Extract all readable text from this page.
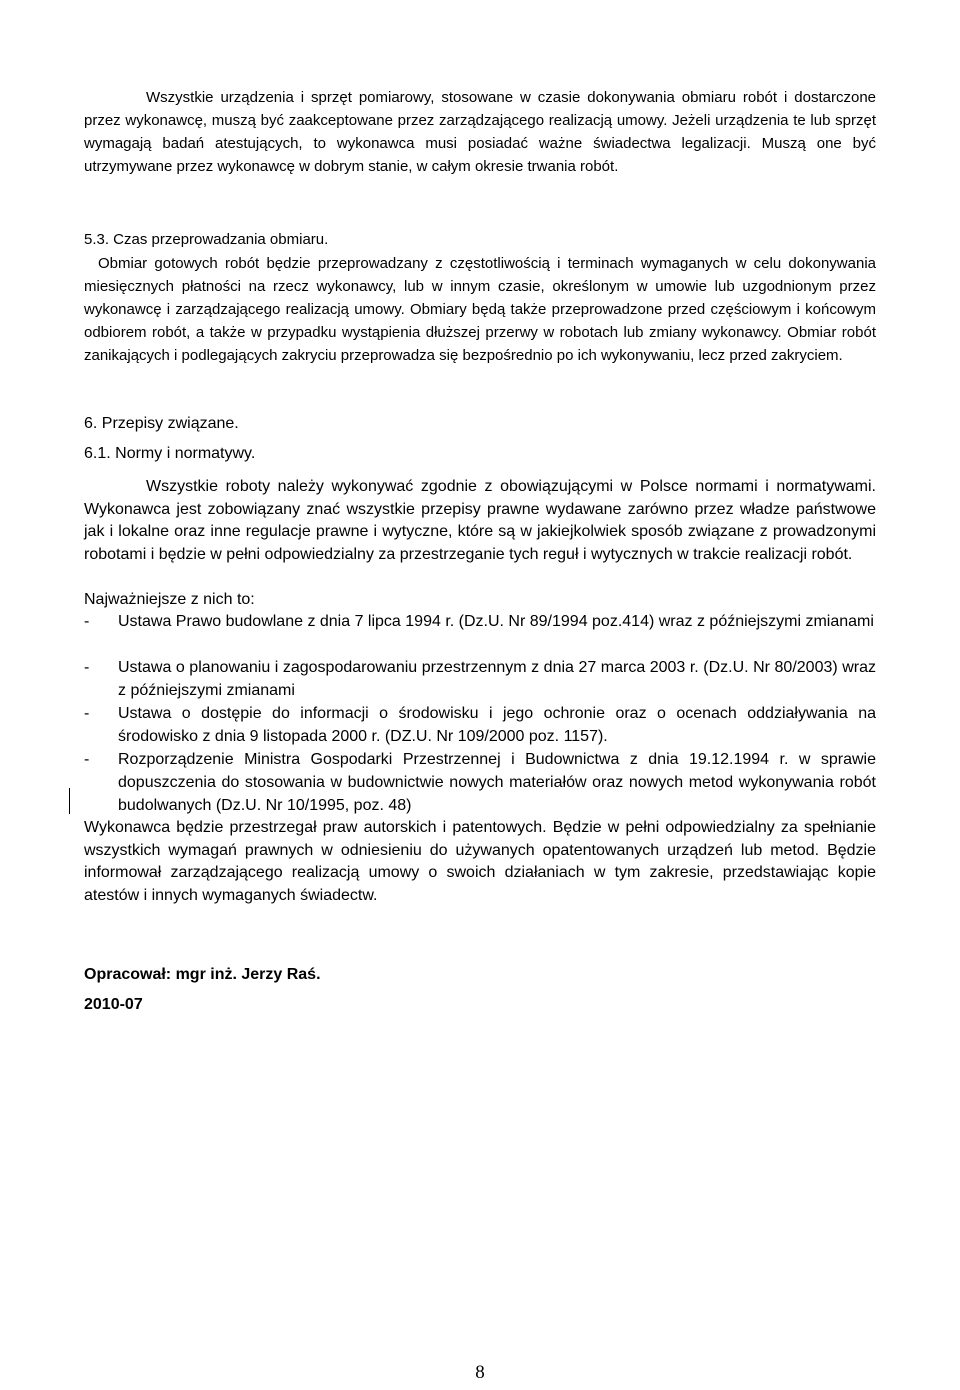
Wszystkie urządzenia i sprzęt pomiarowy, stosowane w czasie dokonywania obmiaru robót i dostarczone przez wykonawcę, muszą być zaakceptowane przez zarządzającego realizacją umowy. Jeżeli urządzenia te lub sprzęt wymagają badań atestujących, to wykonawca musi posiadać ważne świadectwa legalizacji. Muszą one być utrzymywane przez wykonawcę w dobrym stanie, w całym okresie trwania robót.

5.3. Czas przeprowadzania obmiaru.

Obmiar gotowych robót będzie przeprowadzany z częstotliwością i terminach wymaganych w celu dokonywania miesięcznych płatności na rzecz wykonawcy, lub w innym czasie, określonym w umowie lub uzgodnionym przez wykonawcę i zarządzającego realizacją umowy. Obmiary będą także przeprowadzone przed częściowym i końcowym odbiorem robót, a także w przypadku wystąpienia dłuższej przerwy w robotach lub zmiany wykonawcy. Obmiar robót zanikających i podlegających zakryciu przeprowadza się bezpośrednio po ich wykonywaniu, lecz przed zakryciem.

6. Przepisy związane.

6.1. Normy i normatywy.

Wszystkie roboty należy wykonywać zgodnie z obowiązującymi w Polsce normami i normatywami. Wykonawca jest zobowiązany znać wszystkie przepisy prawne wydawane zarówno przez władze państwowe jak i lokalne oraz inne regulacje prawne i wytyczne, które są w jakiejkolwiek sposób związane z prowadzonymi robotami i będzie w pełni odpowiedzialny za przestrzeganie tych reguł i wytycznych w trakcie realizacji robót.

Najważniejsze z nich to:

-	Ustawa Prawo budowlane z dnia 7 lipca 1994 r. (Dz.U. Nr 89/1994 poz.414) wraz z późniejszymi zmianami
- Ustawa o planowaniu i zagospodarowaniu przestrzennym z dnia 27 marca 2003 r. (Dz.U. Nr 80/2003) wraz z późniejszymi zmianami
- Ustawa o dostępie do informacji o środowisku i jego ochronie oraz o ocenach oddziaływania na środowisko z dnia 9 listopada 2000 r. (DZ.U. Nr 109/2000 poz. 1157).
- Rozporządzenie Ministra Gospodarki Przestrzennej i Budownictwa z dnia 19.12.1994 r. w sprawie dopuszczenia do stosowania w budownictwie nowych materiałów oraz nowych metod wykonywania robót budolwanych (Dz.U. Nr 10/1995, poz. 48)

Wykonawca będzie przestrzegał praw autorskich i patentowych. Będzie w pełni odpowiedzialny za spełnianie wszystkich wymagań prawnych w odniesieniu do używanych opatentowanych urządzeń lub metod. Będzie informował zarządzającego realizacją umowy o swoich działaniach w tym zakresie, przedstawiając kopie atestów i innych wymaganych świadectw.

Opracował: mgr inż. Jerzy Raś.

2010-07

8
